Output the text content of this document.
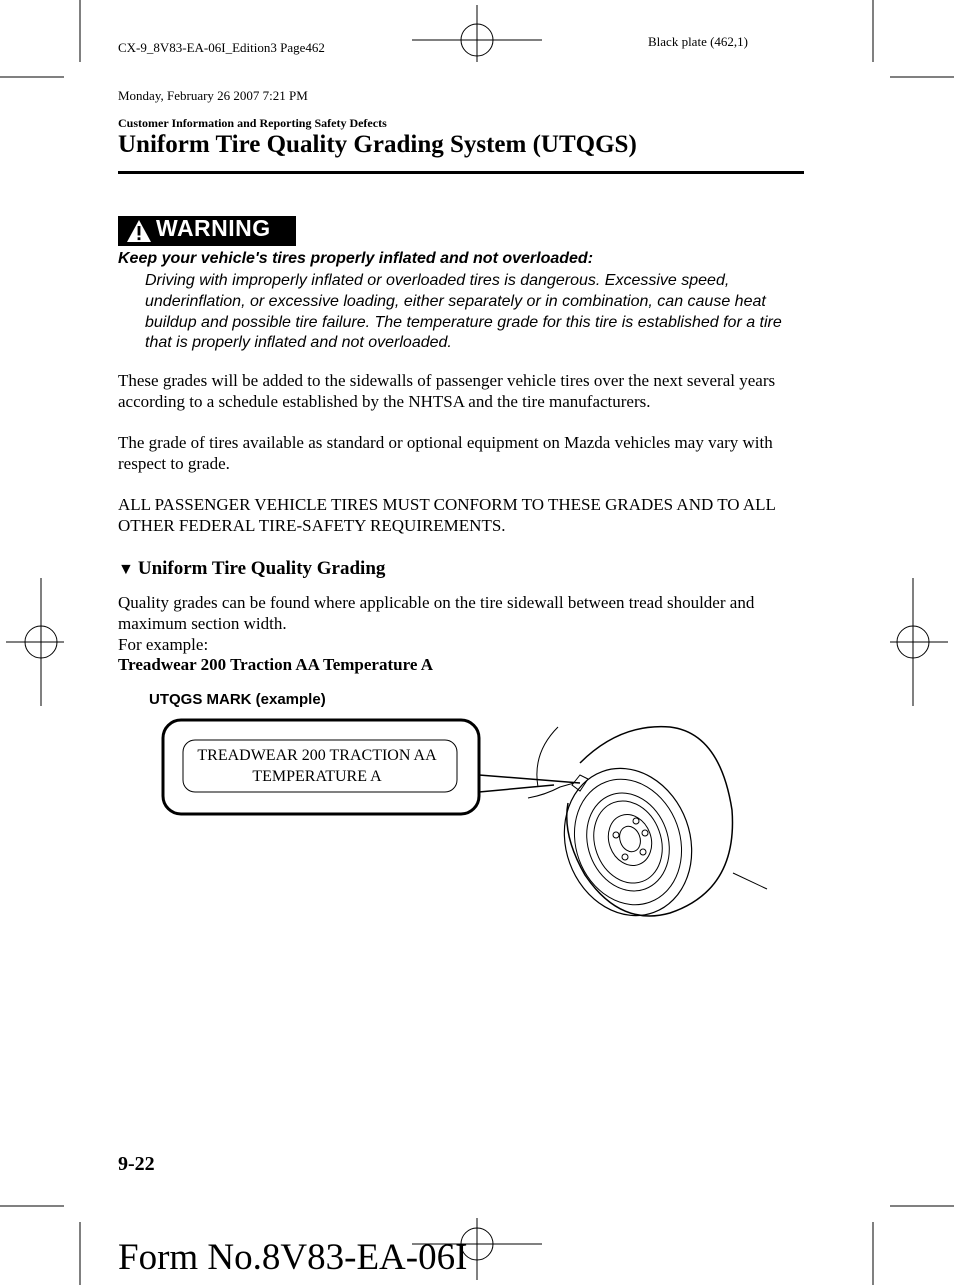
CX-9_8V83-EA-06I_Edition3 Page462

Monday, February 26 2007 7:21 PM

Black plate (462,1)
Customer Information and Reporting Safety Defects
Uniform Tire Quality Grading System (UTQGS)
WARNING
Keep your vehicle's tires properly inflated and not overloaded:
Driving with improperly inflated or overloaded tires is dangerous. Excessive speed, underinflation, or excessive loading, either separately or in combination, can cause heat buildup and possible tire failure. The temperature grade for this tire is established for a tire that is properly inflated and not overloaded.
These grades will be added to the sidewalls of passenger vehicle tires over the next several years according to a schedule established by the NHTSA and the tire manufacturers.
The grade of tires available as standard or optional equipment on Mazda vehicles may vary with respect to grade.
ALL PASSENGER VEHICLE TIRES MUST CONFORM TO THESE GRADES AND TO ALL OTHER FEDERAL TIRE-SAFETY REQUIREMENTS.
▼ Uniform Tire Quality Grading
Quality grades can be found where applicable on the tire sidewall between tread shoulder and maximum section width.
For example:
Treadwear 200 Traction AA Temperature A
UTQGS MARK (example)
TREADWEAR 200 TRACTION AA
TEMPERATURE A
9-22
Form No.8V83-EA-06I
